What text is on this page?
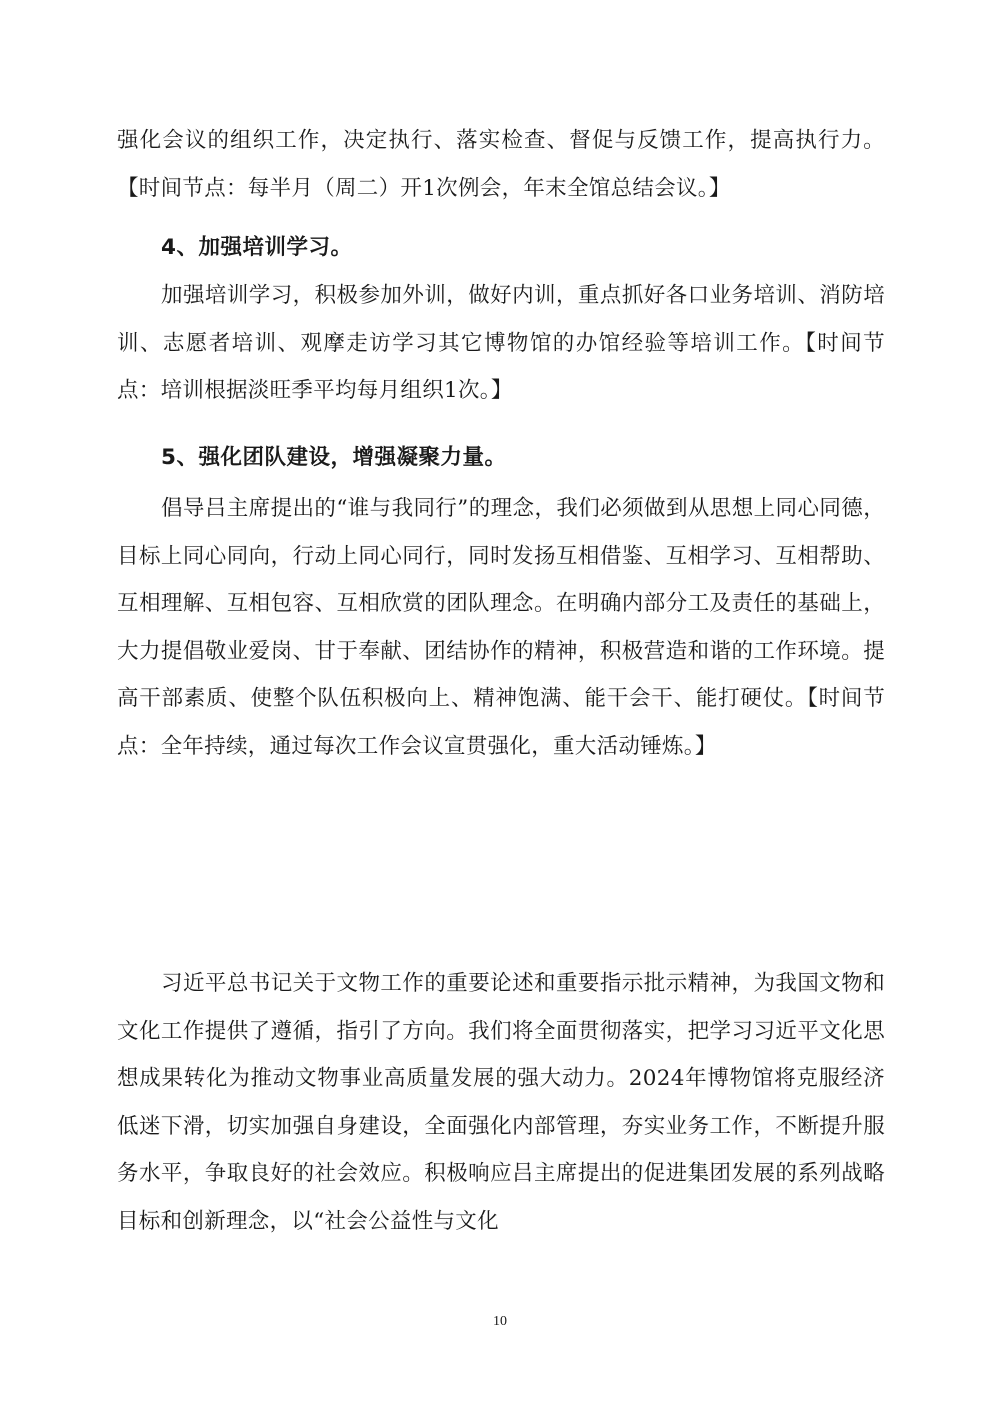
强化会议的组织工作，决定执行、落实检查、督促与反馈工作，提高执行力。【时间节点：每半月（周二）开1次例会，年末全馆总结会议。】

4、加强培训学习。

加强培训学习，积极参加外训，做好内训，重点抓好各口业务培训、消防培训、志愿者培训、观摩走访学习其它博物馆的办馆经验等培训工作。【时间节点：培训根据淡旺季平均每月组织1次。】

5、强化团队建设，增强凝聚力量。

倡导吕主席提出的“谁与我同行”的理念，我们必须做到从思想上同心同德，目标上同心同向，行动上同心同行，同时发扬互相借鉴、互相学习、互相帮助、互相理解、互相包容、互相欣赏的团队理念。在明确内部分工及责任的基础上，大力提倡敬业爱岗、甘于奉献、团结协作的精神，积极营造和谐的工作环境。提高干部素质、使整个队伍积极向上、精神饱满、能干会干、能打硬仗。【时间节点：全年持续，通过每次工作会议宣贯强化，重大活动锤炼。】

习近平总书记关于文物工作的重要论述和重要指示批示精神，为我国文物和文化工作提供了遵循，指引了方向。我们将全面贯彻落实，把学习习近平文化思想成果转化为推动文物事业高质量发展的强大动力。2024年博物馆将克服经济低迷下滑，切实加强自身建设，全面强化内部管理，夯实业务工作，不断提升服务水平，争取良好的社会效应。积极响应吕主席提出的促进集团发展的系列战略目标和创新理念，以“社会公益性与文化

10
